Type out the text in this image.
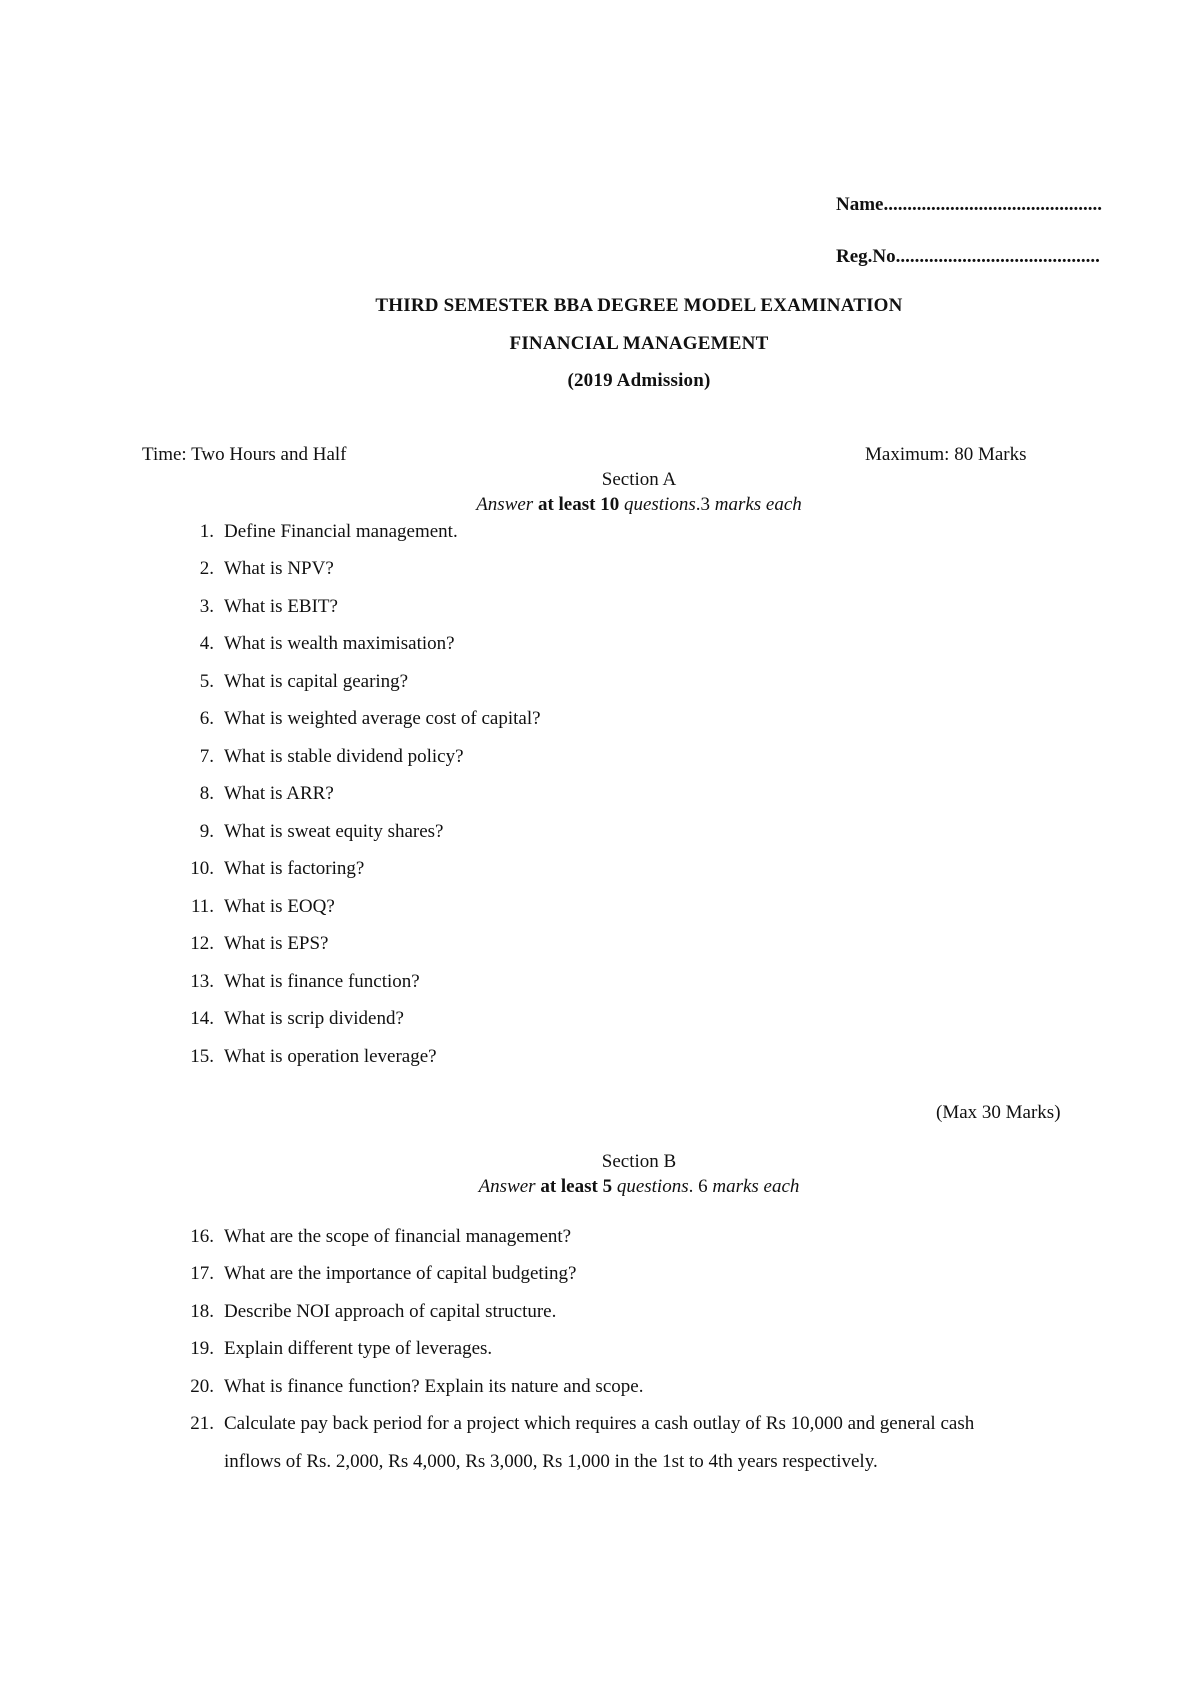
Name..............................................
Reg.No...........................................
THIRD SEMESTER BBA DEGREE MODEL EXAMINATION
FINANCIAL MANAGEMENT
(2019 Admission)
Time: Two Hours and Half	Maximum: 80 Marks
Section A
Answer at least 10 questions.3 marks each
1. Define Financial management.
2. What is NPV?
3. What is EBIT?
4. What is wealth maximisation?
5. What is capital gearing?
6. What is weighted average cost of capital?
7. What is stable dividend policy?
8. What is ARR?
9. What is sweat equity shares?
10. What is factoring?
11. What is EOQ?
12. What is EPS?
13. What is finance function?
14. What is scrip dividend?
15. What is operation leverage?
(Max 30 Marks)
Section B
Answer at least 5 questions. 6 marks each
16. What are the scope of financial management?
17. What are the importance of capital budgeting?
18. Describe NOI approach of capital structure.
19. Explain different type of leverages.
20. What is finance function? Explain its nature and scope.
21. Calculate pay back period for a project which requires a cash outlay of Rs 10,000 and general cash
inflows of Rs. 2,000, Rs 4,000, Rs 3,000, Rs 1,000 in the 1st to 4th years respectively.
